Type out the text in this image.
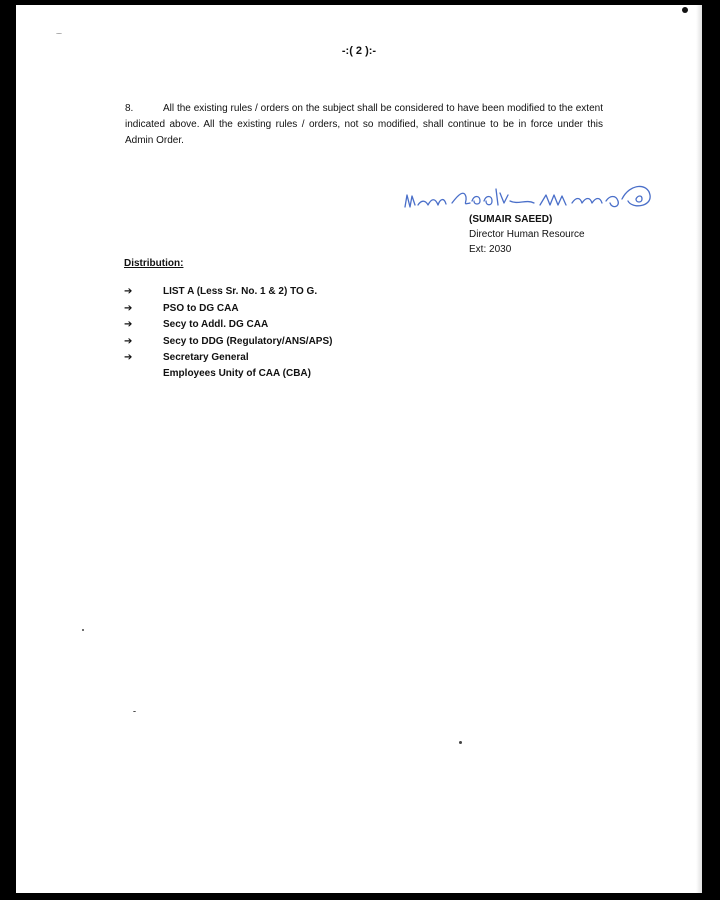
-:( 2 ):-
8.	All the existing rules / orders on the subject shall be considered to have been modified to the extent indicated above. All the existing rules / orders, not so modified, shall continue to be in force under this Admin Order.
(SUMAIR SAEED)
Director Human Resource
Ext: 2030
Distribution:
➔	LIST A (Less Sr. No. 1 & 2) TO G.
➔	PSO to DG CAA
➔	Secy to Addl. DG CAA
➔	Secy to DDG (Regulatory/ANS/APS)
➔	Secretary General
Employees Unity of CAA (CBA)
